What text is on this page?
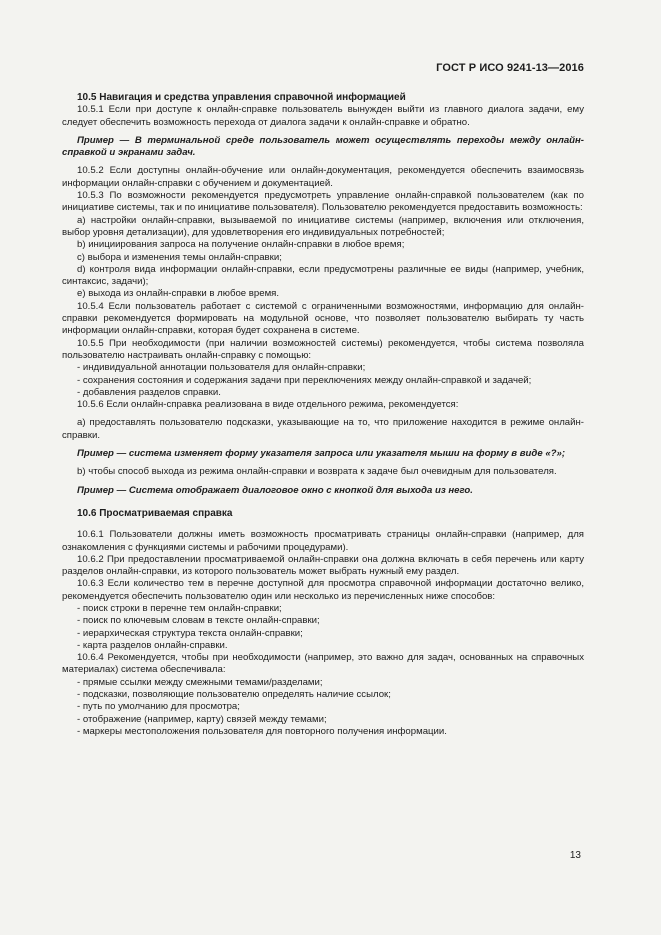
ГОСТ Р ИСО 9241-13—2016

10.5 Навигация и средства управления справочной информацией

10.5.1 Если при доступе к онлайн-справке пользователь вынужден выйти из главного диалога задачи, ему следует обеспечить возможность перехода от диалога задачи к онлайн-справке и обратно.

Пример — В терминальной среде пользователь может осуществлять переходы между онлайн-справкой и экранами задач.

10.5.2 Если доступны онлайн-обучение или онлайн-документация, рекомендуется обеспечить взаимосвязь информации онлайн-справки с обучением и документацией.

10.5.3 По возможности рекомендуется предусмотреть управление онлайн-справкой пользователем (как по инициативе системы, так и по инициативе пользователя). Пользователю рекомендуется предоставить возможность:

a) настройки онлайн-справки, вызываемой по инициативе системы (например, включения или отключения, выбор уровня детализации), для удовлетворения его индивидуальных потребностей;

b) инициирования запроса на получение онлайн-справки в любое время;

c) выбора и изменения темы онлайн-справки;

d) контроля вида информации онлайн-справки, если предусмотрены различные ее виды (например, учебник, синтаксис, задачи);

e) выхода из онлайн-справки в любое время.

10.5.4 Если пользователь работает с системой с ограниченными возможностями, информацию для онлайн-справки рекомендуется формировать на модульной основе, что позволяет пользователю выбирать ту часть информации онлайн-справки, которая будет сохранена в системе.

10.5.5 При необходимости (при наличии возможностей системы) рекомендуется, чтобы система позволяла пользователю настраивать онлайн-справку с помощью:

- индивидуальной аннотации пользователя для онлайн-справки;

- сохранения состояния и содержания задачи при переключениях между онлайн-справкой и задачей;

- добавления разделов справки.

10.5.6 Если онлайн-справка реализована в виде отдельного режима, рекомендуется:

a) предоставлять пользователю подсказки, указывающие на то, что приложение находится в режиме онлайн-справки.

Пример — система изменяет форму указателя запроса или указателя мыши на форму в виде «?»;

b) чтобы способ выхода из режима онлайн-справки и возврата к задаче был очевидным для пользователя.

Пример — Система отображает диалоговое окно с кнопкой для выхода из него.

10.6 Просматриваемая справка

10.6.1 Пользователи должны иметь возможность просматривать страницы онлайн-справки (например, для ознакомления с функциями системы и рабочими процедурами).

10.6.2 При предоставлении просматриваемой онлайн-справки она должна включать в себя перечень или карту разделов онлайн-справки, из которого пользователь может выбрать нужный ему раздел.

10.6.3 Если количество тем в перечне доступной для просмотра справочной информации достаточно велико, рекомендуется обеспечить пользователю один или несколько из перечисленных ниже способов:

- поиск строки в перечне тем онлайн-справки;

- поиск по ключевым словам в тексте онлайн-справки;

- иерархическая структура текста онлайн-справки;

- карта разделов онлайн-справки.

10.6.4 Рекомендуется, чтобы при необходимости (например, это важно для задач, основанных на справочных материалах) система обеспечивала:

- прямые ссылки между смежными темами/разделами;

- подсказки, позволяющие пользователю определять наличие ссылок;

- путь по умолчанию для просмотра;

- отображение (например, карту) связей между темами;

- маркеры местоположения пользователя для повторного получения информации.

13
